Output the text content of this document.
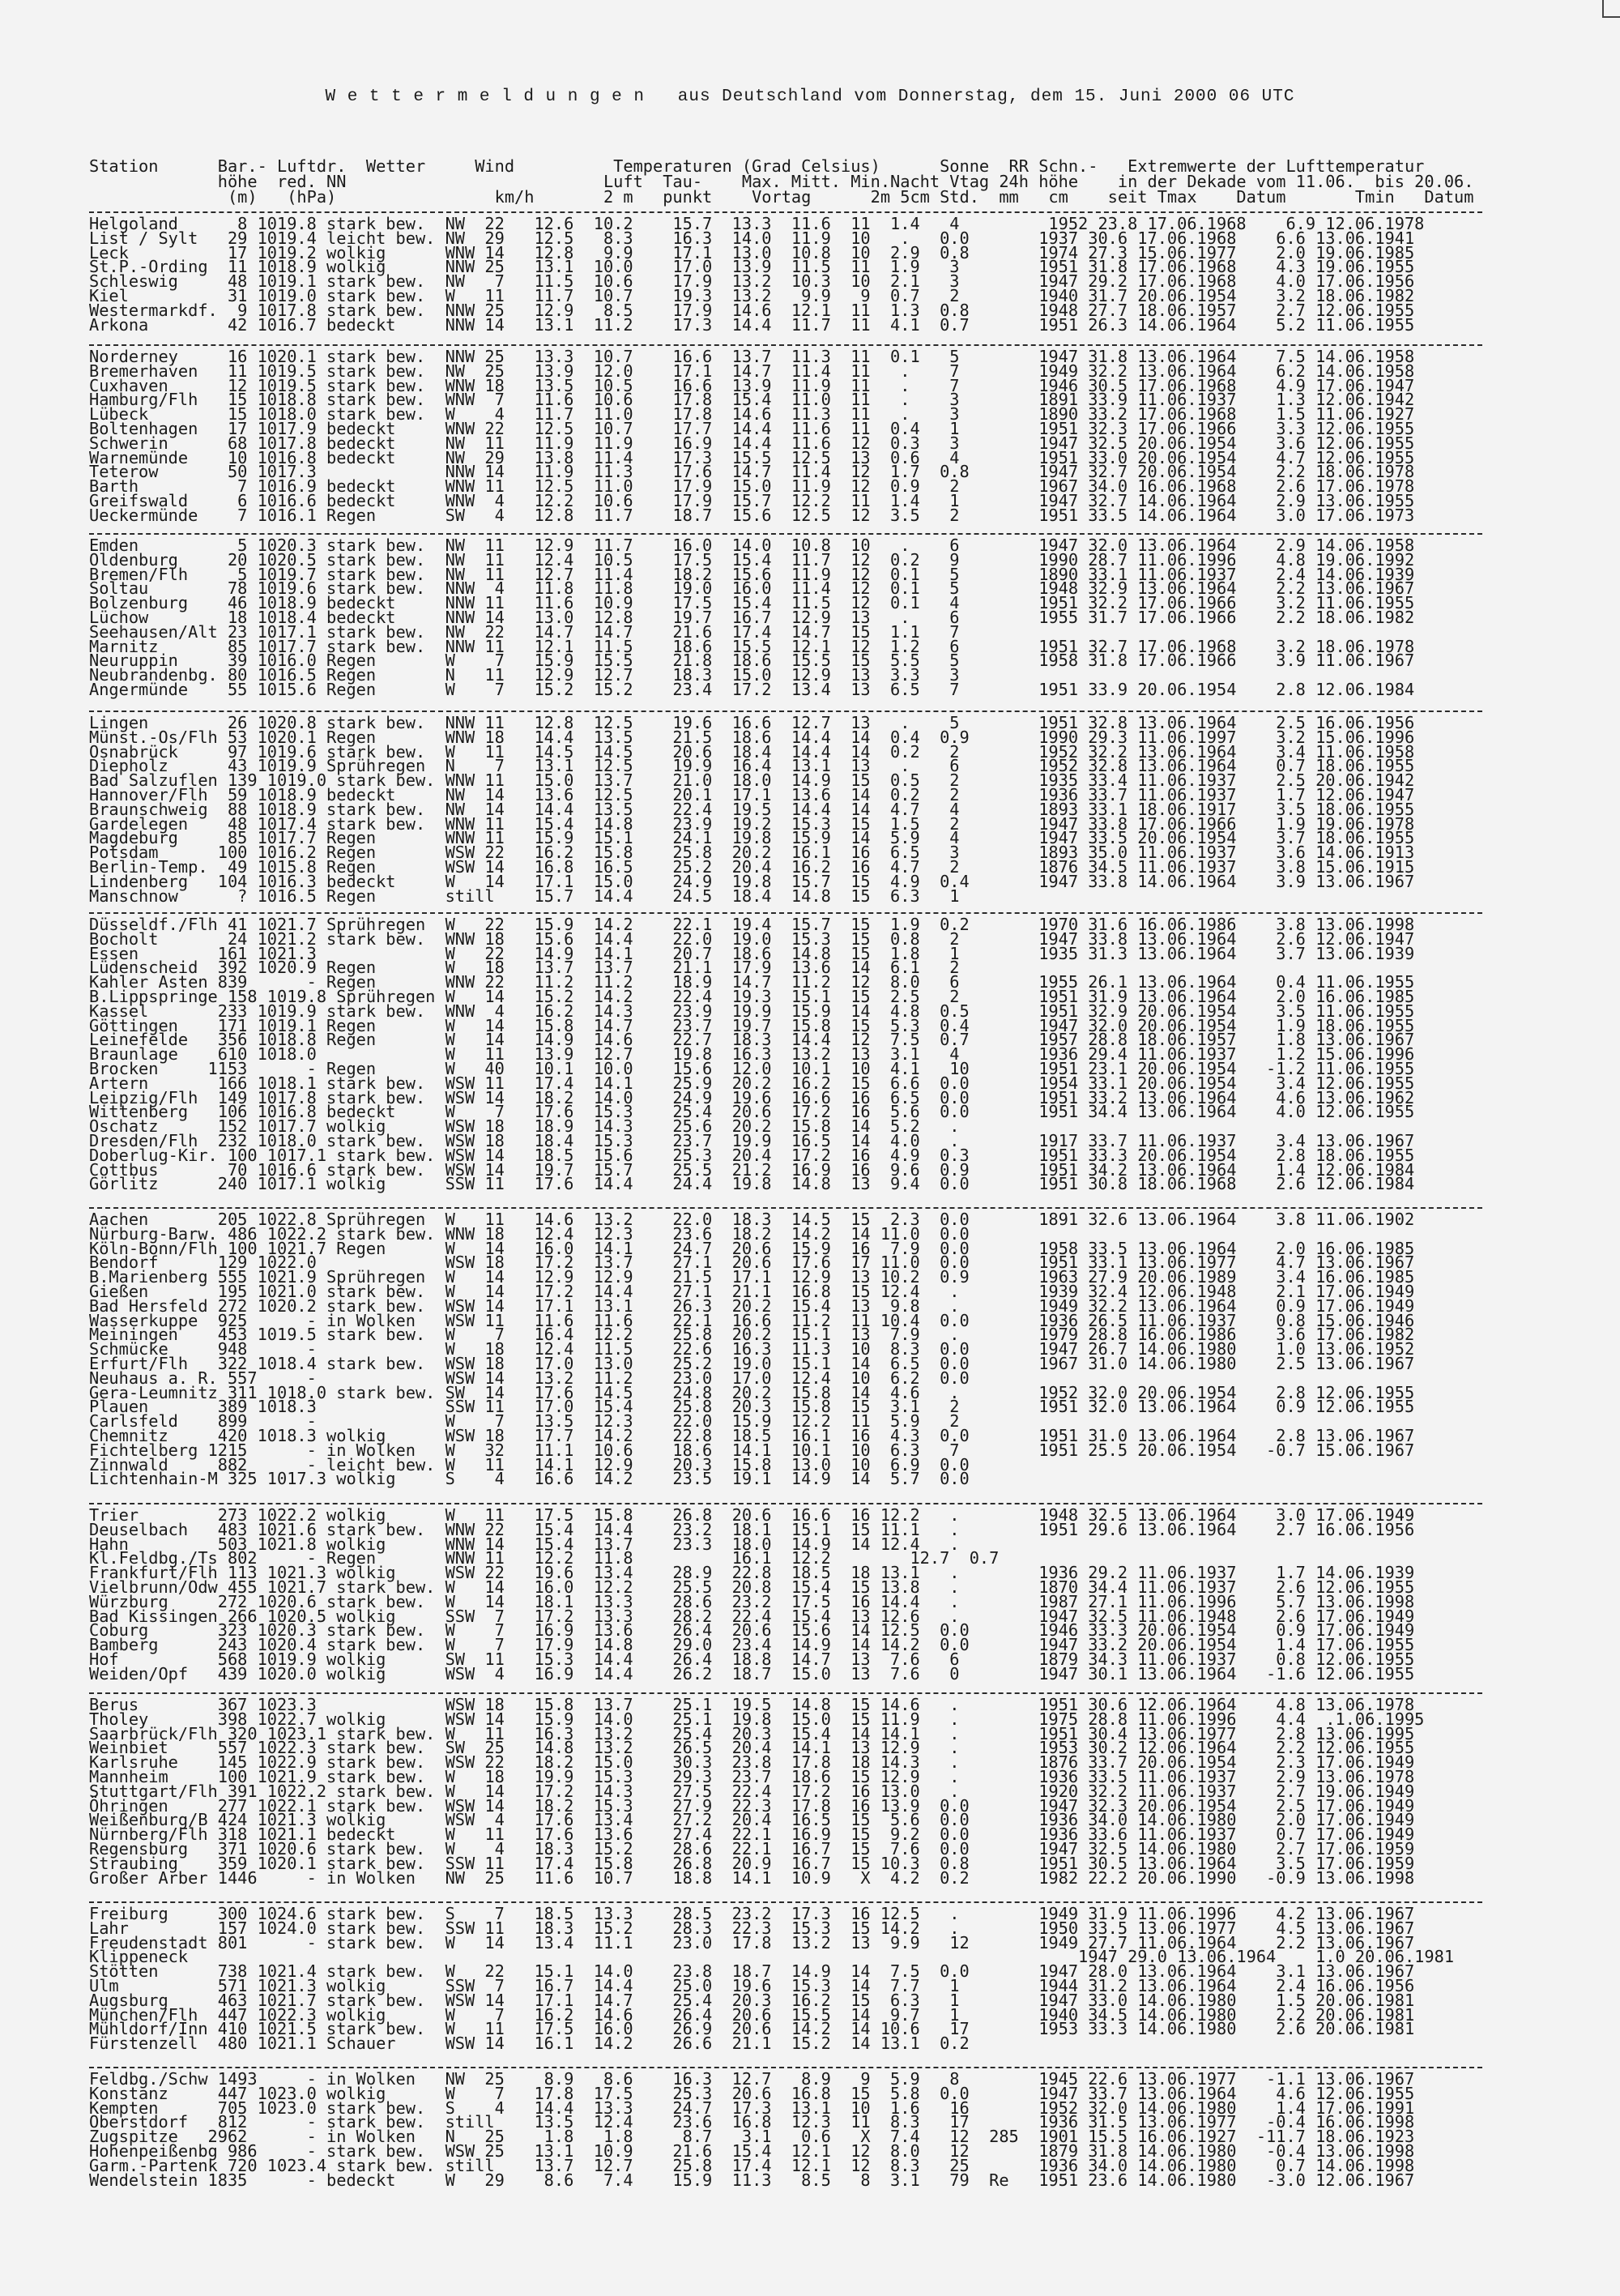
W e t t e r m e l d u n g e n   aus Deutschland vom Donnerstag, dem 15. Juni 2000 06 UTC
Station      Bar.- Luftdr.  Wetter     Wind          Temperaturen (Grad Celsius)      Sonne  RR Schn.-   Extremwerte der Lufttemperatur
höhe  red. NN                          Luft  Tau-    Max. Mitt. Min.Nacht Vtag 24h höhe    in der Dekade vom 11.06.  bis 20.06.
(m)   (hPa)                km/h       2 m   punkt    Vortag      2m 5cm Std.  mm   cm    seit Tmax    Datum       Tmin   Datum
Helgoland      8 1019.8 stark bew.  NW  22   12.6  10.2    15.7  13.3  11.6  11  1.4   4         1952 23.8 17.06.1968    6.9 12.06.1978
List / Sylt   29 1019.4 leicht bew. NW  29   12.5   8.3    16.3  14.0  11.9  10   .   0.0       1937 30.6 17.06.1968    6.6 13.06.1941
Leck          17 1019.2 wolkig      WNW 14   12.8   9.9    17.1  13.0  10.8  10  2.9  0.8       1974 27.3 15.06.1977    2.0 19.06.1985
St.P.-Ording  11 1018.9 wolkig      NNW 25   13.1  10.0    17.0  13.9  11.5  11  1.9   3        1951 31.8 17.06.1968    4.3 19.06.1955
Schleswig     48 1019.1 stark bew.  NW   7   11.5  10.6    17.9  13.2  10.3  10  2.1   3        1947 29.2 17.06.1968    4.0 17.06.1956
Kiel          31 1019.0 stark bew.  W   11   11.7  10.7    19.3  13.2   9.9   9  0.7   2        1940 31.7 20.06.1954    3.2 18.06.1982
Westermarkdf.  9 1017.8 stark bew.  NNW 25   12.9   8.5    17.9  14.6  12.1  11  1.3  0.8       1948 27.7 18.06.1957    2.7 12.06.1955
Arkona        42 1016.7 bedeckt     NNW 14   13.1  11.2    17.3  14.4  11.7  11  4.1  0.7       1951 26.3 14.06.1964    5.2 11.06.1955
Norderney     16 1020.1 stark bew.  NNW 25   13.3  10.7    16.6  13.7  11.3  11  0.1   5        1947 31.8 13.06.1964    7.5 14.06.1958
Bremerhaven   11 1019.5 stark bew.  NW  25   13.9  12.0    17.1  14.7  11.4  11   .    7        1949 32.2 13.06.1964    6.2 14.06.1958
Cuxhaven      12 1019.5 stark bew.  WNW 18   13.5  10.5    16.6  13.9  11.9  11   .    7        1946 30.5 17.06.1968    4.9 17.06.1947
Hamburg/Flh   15 1018.8 stark bew.  WNW  7   11.6  10.6    17.8  15.4  11.0  11   .    3        1891 33.9 11.06.1937    1.3 12.06.1942
Lübeck        15 1018.0 stark bew.  W    4   11.7  11.0    17.8  14.6  11.3  11   .    3        1890 33.2 17.06.1968    1.5 11.06.1927
Boltenhagen   17 1017.9 bedeckt     WNW 22   12.5  10.7    17.7  14.4  11.6  11  0.4   1        1951 32.3 17.06.1966    3.3 12.06.1955
Schwerin      68 1017.8 bedeckt     NW  11   11.9  11.9    16.9  14.4  11.6  12  0.3   3        1947 32.5 20.06.1954    3.6 12.06.1955
Warnemünde    10 1016.8 bedeckt     NW  29   13.8  11.4    17.3  15.5  12.5  13  0.6   4        1951 33.0 20.06.1954    4.7 12.06.1955
Teterow       50 1017.3             NNW 14   11.9  11.3    17.6  14.7  11.4  12  1.7  0.8       1947 32.7 20.06.1954    2.2 18.06.1978
Barth          7 1016.9 bedeckt     WNW 11   12.5  11.0    17.9  15.0  11.9  12  0.9   2        1967 34.0 16.06.1968    2.6 17.06.1978
Greifswald     6 1016.6 bedeckt     WNW  4   12.2  10.6    17.9  15.7  12.2  11  1.4   1        1947 32.7 14.06.1964    2.9 13.06.1955
Ueckermünde    7 1016.1 Regen       SW   4   12.8  11.7    18.7  15.6  12.5  12  3.5   2        1951 33.5 14.06.1964    3.0 17.06.1973
Emden          5 1020.3 stark bew.  NW  11   12.9  11.7    16.0  14.0  10.8  10   .    6        1947 32.0 13.06.1964    2.9 14.06.1958
Oldenburg     20 1020.5 stark bew.  NW  11   12.4  10.5    17.5  15.4  11.7  12  0.2   9        1990 28.7 11.06.1996    4.8 19.06.1992
Bremen/Flh     5 1019.7 stark bew.  NW  11   12.7  11.4    18.2  15.6  11.9  12  0.1   5        1890 33.1 11.06.1937    2.4 14.06.1939
Soltau        78 1019.6 stark bew.  NNW  4   11.8  11.8    19.0  16.0  11.4  12  0.1   5        1948 32.9 13.06.1964    2.2 13.06.1967
Bolzenburg    46 1018.9 bedeckt     NNW 11   11.6  10.9    17.5  15.4  11.5  12  0.1   4        1951 32.2 17.06.1966    3.2 11.06.1955
Lüchow        18 1018.4 bedeckt     NNW 14   13.0  12.8    19.7  16.7  12.9  13   .    6        1955 31.7 17.06.1966    2.2 18.06.1982
Seehausen/Alt 23 1017.1 stark bew.  NW  22   14.7  14.7    21.6  17.4  14.7  15  1.1   7
Marnitz       85 1017.7 stark bew.  NNW 11   12.1  11.5    18.6  15.5  12.1  12  1.2   6        1951 32.7 17.06.1968    3.2 18.06.1978
Neuruppin     39 1016.0 Regen       W    7   15.9  15.5    21.8  18.6  15.5  15  5.5   5        1958 31.8 17.06.1966    3.9 11.06.1967
Neubrandenbg. 80 1016.5 Regen       N   11   12.9  12.7    18.3  15.0  12.9  13  3.3   3
Angermünde    55 1015.6 Regen       W    7   15.2  15.2    23.4  17.2  13.4  13  6.5   7        1951 33.9 20.06.1954    2.8 12.06.1984
Lingen        26 1020.8 stark bew.  NNW 11   12.8  12.5    19.6  16.6  12.7  13   .    5        1951 32.8 13.06.1964    2.5 16.06.1956
Münst.-Os/Flh 53 1020.1 Regen       WNW 18   14.4  13.5    21.5  18.6  14.4  14  0.4  0.9       1990 29.3 11.06.1997    3.2 15.06.1996
Osnabrück     97 1019.6 stark bew.  W   11   14.5  14.5    20.6  18.4  14.4  14  0.2   2        1952 32.2 13.06.1964    3.4 11.06.1958
Diepholz      43 1019.9 Sprühregen  N    7   13.1  12.5    19.9  16.4  13.1  13   .    6        1952 32.8 13.06.1964    0.7 18.06.1955
Bad Salzuflen 139 1019.0 stark bew. WNW 11   15.0  13.7    21.0  18.0  14.9  15  0.5   2        1935 33.4 11.06.1937    2.5 20.06.1942
Hannover/Flh  59 1018.9 bedeckt     NW  14   13.6  12.5    20.1  17.1  13.6  14  0.2   2        1936 33.7 11.06.1937    1.7 12.06.1947
Braunschweig  88 1018.9 stark bew.  NW  14   14.4  13.5    22.4  19.5  14.4  14  4.7   4        1893 33.1 18.06.1917    3.5 18.06.1955
Gardelegen    48 1017.4 stark bew.  WNW 11   15.4  14.8    23.9  19.2  15.3  15  1.5   2        1947 33.8 17.06.1966    1.9 19.06.1978
Magdeburg     85 1017.7 Regen       WNW 11   15.9  15.1    24.1  19.8  15.9  14  5.9   4        1947 33.5 20.06.1954    3.7 18.06.1955
Potsdam      100 1016.2 Regen       WSW 22   16.2  15.8    25.8  20.2  16.1  16  6.5   3        1893 35.0 11.06.1937    3.6 14.06.1913
Berlin-Temp.  49 1015.8 Regen       WSW 14   16.8  16.5    25.2  20.4  16.2  16  4.7   2        1876 34.5 11.06.1937    3.8 15.06.1915
Lindenberg   104 1016.3 bedeckt     W   14   17.1  15.0    24.9  19.8  15.7  15  4.9  0.4       1947 33.8 14.06.1964    3.9 13.06.1967
Manschnow      ? 1016.5 Regen       still    15.7  14.4    24.5  18.4  14.8  15  6.3   1
Düsseldf./Flh 41 1021.7 Sprühregen  W   22   15.9  14.2    22.1  19.4  15.7  15  1.9  0.2       1970 31.6 16.06.1986    3.8 13.06.1998
Bocholt       24 1021.2 stark bew.  WNW 18   15.6  14.4    22.0  19.0  15.3  15  0.8   2        1947 33.8 13.06.1964    2.6 12.06.1947
Essen        161 1021.3             W   22   14.9  14.1    20.7  18.6  14.8  15  1.8   1        1935 31.3 13.06.1964    3.7 13.06.1939
Lüdenscheid  392 1020.9 Regen       W   18   13.7  13.7    21.1  17.9  13.6  14  6.1   2
Kahler Asten 839      - Regen       WNW 22   11.2  11.2    18.9  14.7  11.2  12  8.0   6        1955 26.1 13.06.1964    0.4 11.06.1955
B.Lippspringe 158 1019.8 Sprühregen W   14   15.2  14.2    22.4  19.3  15.1  15  2.5   2        1951 31.9 13.06.1964    2.0 16.06.1985
Kassel       233 1019.9 stark bew.  WNW  4   16.2  14.3    23.9  19.9  15.9  14  4.8  0.5       1951 32.9 20.06.1954    3.5 11.06.1955
Göttingen    171 1019.1 Regen       W   14   15.8  14.7    23.7  19.7  15.8  15  5.3  0.4       1947 32.0 20.06.1954    1.9 18.06.1955
Leinefelde   356 1018.8 Regen       W   14   14.9  14.6    22.7  18.3  14.4  12  7.5  0.7       1957 28.8 18.06.1957    1.8 13.06.1967
Braunlage    610 1018.0             W   11   13.9  12.7    19.8  16.3  13.2  13  3.1   4        1936 29.4 11.06.1937    1.2 15.06.1996
Brocken     1153      - Regen       W   40   10.1  10.0    15.6  12.0  10.1  10  4.1   10       1951 23.1 20.06.1954   -1.2 11.06.1955
Artern       166 1018.1 stark bew.  WSW 11   17.4  14.1    25.9  20.2  16.2  15  6.6  0.0       1954 33.1 20.06.1954    3.4 12.06.1955
Leipzig/Flh  149 1017.8 stark bew.  WSW 14   18.2  14.0    24.9  19.6  16.6  16  6.5  0.0       1951 33.2 13.06.1964    4.6 13.06.1962
Wittenberg   106 1016.8 bedeckt     W    7   17.6  15.3    25.4  20.6  17.2  16  5.6  0.0       1951 34.4 13.06.1964    4.0 12.06.1955
Oschatz      152 1017.7 wolkig      WSW 18   18.9  14.3    25.6  20.2  15.8  14  5.2   .
Dresden/Flh  232 1018.0 stark bew.  WSW 18   18.4  15.3    23.7  19.9  16.5  14  4.0   .        1917 33.7 11.06.1937    3.4 13.06.1967
Doberlug-Kir. 100 1017.1 stark bew. WSW 14   18.5  15.6    25.3  20.4  17.2  16  4.9  0.3       1951 33.3 20.06.1954    2.8 18.06.1955
Cottbus       70 1016.6 stark bew.  WSW 14   19.7  15.7    25.5  21.2  16.9  16  9.6  0.9       1951 34.2 13.06.1964    1.4 12.06.1984
Görlitz      240 1017.1 wolkig      SSW 11   17.6  14.4    24.4  19.8  14.8  13  9.4  0.0       1951 30.8 18.06.1968    2.6 12.06.1984
Aachen       205 1022.8 Sprühregen  W   11   14.6  13.2    22.0  18.3  14.5  15  2.3  0.0       1891 32.6 13.06.1964    3.8 11.06.1902
Nürburg-Barw. 486 1022.2 stark bew. WNW 18   12.4  12.3    23.6  18.2  14.2  14 11.0  0.0
Köln-Bonn/Flh 100 1021.7 Regen      W   14   16.0  14.1    24.7  20.6  15.9  16  7.9  0.0       1958 33.5 13.06.1964    2.0 16.06.1985
Bendorf      129 1022.0             WSW 18   17.2  13.7    27.1  20.6  17.6  17 11.0  0.0       1951 33.1 13.06.1977    4.7 13.06.1967
B.Marienberg 555 1021.9 Sprühregen  W   14   12.9  12.9    21.5  17.1  12.9  13 10.2  0.9       1963 27.9 20.06.1989    3.4 16.06.1985
Gießen       195 1021.0 stark bew.  W   14   17.2  14.4    27.1  21.1  16.8  15 12.4   .        1939 32.4 12.06.1948    2.1 17.06.1949
Bad Hersfeld 272 1020.2 stark bew.  WSW 14   17.1  13.1    26.3  20.2  15.4  13  9.8   .        1949 32.2 13.06.1964    0.9 17.06.1949
Wasserkuppe  925      - in Wolken   WSW 11   11.6  11.6    22.1  16.6  11.2  11 10.4  0.0       1936 26.5 11.06.1937    0.8 15.06.1946
Meiningen    453 1019.5 stark bew.  W    7   16.4  12.2    25.8  20.2  15.1  13  7.9   .        1979 28.8 16.06.1986    3.6 17.06.1982
Schmücke     948      -             W   18   12.4  11.5    22.6  16.3  11.3  10  8.3  0.0       1947 26.7 14.06.1980    1.0 13.06.1952
Erfurt/Flh   322 1018.4 stark bew.  WSW 18   17.0  13.0    25.2  19.0  15.1  14  6.5  0.0       1967 31.0 14.06.1980    2.5 13.06.1967
Neuhaus a. R. 557     -             WSW 14   13.2  11.2    23.0  17.0  12.4  10  6.2  0.0
Gera-Leumnitz 311 1018.0 stark bew. SW  14   17.6  14.5    24.8  20.2  15.8  14  4.6   .        1952 32.0 20.06.1954    2.8 12.06.1955
Plauen       389 1018.3             SSW 11   17.0  15.4    25.8  20.3  15.8  15  3.1   2        1951 32.0 13.06.1964    0.9 12.06.1955
Carlsfeld    899      -             W    7   13.5  12.3    22.0  15.9  12.2  11  5.9   2
Chemnitz     420 1018.3 wolkig      WSW 18   17.7  14.2    22.8  18.5  16.1  16  4.3  0.0       1951 31.0 13.06.1964    2.8 13.06.1967
Fichtelberg 1215      - in Wolken   W   32   11.1  10.6    18.6  14.1  10.1  10  6.3   7        1951 25.5 20.06.1954   -0.7 15.06.1967
Zinnwald     882      - leicht bew. W   11   14.1  12.9    20.3  15.8  13.0  10  6.9  0.0
Lichtenhain-M 325 1017.3 wolkig     S    4   16.6  14.2    23.5  19.1  14.9  14  5.7  0.0
Trier        273 1022.2 wolkig      W   11   17.5  15.8    26.8  20.6  16.6  16 12.2   .        1948 32.5 13.06.1964    3.0 17.06.1949
Deuselbach   483 1021.6 stark bew.  WNW 22   15.4  14.4    23.2  18.1  15.1  15 11.1   .        1951 29.6 13.06.1964    2.7 16.06.1956
Hahn         503 1021.8 wolkig      WNW 14   15.4  13.7    23.3  18.0  14.9  14 12.4   .
Kl.Feldbg./Ts 802     - Regen       WNW 11   12.2  11.8          16.1  12.2        12.7  0.7
Frankfurt/Flh 113 1021.3 wolkig     WSW 22   19.6  13.4    28.9  22.8  18.5  18 13.1   .        1936 29.2 11.06.1937    1.7 14.06.1939
Vielbrunn/Odw 455 1021.7 stark bew. W   14   16.0  12.2    25.5  20.8  15.4  15 13.8   .        1870 34.4 11.06.1937    2.6 12.06.1955
Würzburg     272 1020.6 stark bew.  W   14   18.1  13.3    28.6  23.2  17.5  16 14.4   .        1987 27.1 11.06.1996    5.7 13.06.1998
Bad Kissingen 266 1020.5 wolkig     SSW  7   17.2  13.3    28.2  22.4  15.4  13 12.6   .        1947 32.5 11.06.1948    2.6 17.06.1949
Coburg       323 1020.3 stark bew.  W    7   16.9  13.6    26.4  20.6  15.6  14 12.5  0.0       1946 33.3 20.06.1954    0.9 17.06.1949
Bamberg      243 1020.4 stark bew.  W    7   17.9  14.8    29.0  23.4  14.9  14 14.2  0.0       1947 33.2 20.06.1954    1.4 17.06.1955
Hof          568 1019.9 wolkig      SW  11   15.3  14.4    26.4  18.8  14.7  13  7.6   6        1879 34.3 11.06.1937    0.8 12.06.1955
Weiden/Opf   439 1020.0 wolkig      WSW  4   16.9  14.4    26.2  18.7  15.0  13  7.6   0        1947 30.1 13.06.1964   -1.6 12.06.1955
Berus        367 1023.3             WSW 18   15.8  13.7    25.1  19.5  14.8  15 14.6   .        1951 30.6 12.06.1964    4.8 13.06.1978
Tholey       398 1022.7 wolkig      WSW 14   15.9  14.0    25.1  19.8  15.0  15 11.9   .        1975 28.8 11.06.1996    4.4  .1.06.1995
Saarbrück/Flh 320 1023.1 stark bew. W   11   16.3  13.2    25.4  20.3  15.4  14 14.1   .        1951 30.4 13.06.1977    2.8 13.06.1995
Weinbiet     557 1022.3 stark bew.  SW  25   14.8  13.2    26.5  20.4  14.1  13 12.9   .        1953 30.2 12.06.1964    2.2 12.06.1955
Karlsruhe    145 1022.9 stark bew.  WSW 22   18.2  15.0    30.3  23.8  17.8  18 14.3   .        1876 33.7 20.06.1954    2.3 17.06.1949
Mannheim     100 1021.9 stark bew.  W   18   19.9  15.3    29.3  23.7  18.6  15 12.9   .        1936 33.5 11.06.1937    2.9 13.06.1978
Stuttgart/Flh 391 1022.2 stark bew. W   14   17.2  14.3    27.5  22.4  17.2  16 13.0   .        1920 32.2 11.06.1937    2.7 19.06.1949
Öhringen     277 1022.1 stark bew.  WSW 14   18.2  15.3    27.9  22.3  17.8  16 13.9  0.0       1947 32.3 20.06.1954    2.5 17.06.1949
Weißenburg/B 424 1021.3 wolkig      WSW  4   17.6  13.4    27.2  20.4  16.5  15  5.6  0.0       1936 34.0 14.06.1980    2.0 17.06.1949
Nürnberg/Flh 318 1021.1 bedeckt     W   11   17.6  13.6    27.4  22.1  16.9  15  9.2  0.0       1936 33.6 11.06.1937    0.7 17.06.1949
Regensburg   371 1020.6 stark bew.  W    4   18.3  15.2    28.6  22.1  16.7  15  7.6  0.0       1947 32.5 14.06.1980    2.7 17.06.1959
Straubing    359 1020.1 stark bew.  SSW 11   17.4  15.8    26.8  20.9  16.7  15 10.3  0.8       1951 30.5 13.06.1964    3.5 17.06.1959
Großer Arber 1446     - in Wolken   NW  25   11.6  10.7    18.8  14.1  10.9   X  4.2  0.2       1982 22.2 20.06.1990   -0.9 13.06.1998
Freiburg     300 1024.6 stark bew.  S    7   18.5  13.3    28.5  23.2  17.3  16 12.5   .        1949 31.9 11.06.1996    4.2 13.06.1967
Lahr         157 1024.0 stark bew.  SSW 11   18.3  15.2    28.3  22.3  15.3  15 14.2   .        1950 33.5 13.06.1977    4.5 13.06.1967
Freudenstadt 801      - stark bew.  W   14   13.4  11.1    23.0  17.8  13.2  13  9.9   12       1949 27.7 11.06.1964    2.2 13.06.1967
Klippeneck                                                                                          1947 29.0 13.06.1964    1.0 20.06.1981
Stötten      738 1021.4 stark bew.  W   22   15.1  14.0    23.8  18.7  14.9  14  7.5  0.0       1947 28.0 13.06.1964    3.1 13.06.1967
Ulm          571 1021.3 wolkig      SSW  7   16.7  14.4    25.0  19.6  15.3  14  7.7   1        1944 31.2 13.06.1964    2.4 16.06.1956
Augsburg     463 1021.7 stark bew.  WSW 14   17.1  14.7    25.4  20.3  16.2  15  6.3   1        1947 33.0 14.06.1980    1.5 20.06.1981
München/Flh  447 1022.3 wolkig      W    7   16.2  14.6    26.4  20.6  15.5  14  9.7   1        1940 34.5 14.06.1980    2.2 20.06.1981
Mühldorf/Inn 410 1021.5 stark bew.  W   11   17.5  16.0    26.9  20.6  14.2  14 10.6   17       1953 33.3 14.06.1980    2.6 20.06.1981
Fürstenzell  480 1021.1 Schauer     WSW 14   16.1  14.2    26.6  21.1  15.2  14 13.1  0.2
Feldbg./Schw 1493     - in Wolken   NW  25    8.9   8.6    16.3  12.7   8.9   9  5.9   8        1945 22.6 13.06.1977   -1.1 13.06.1967
Konstanz     447 1023.0 wolkig      W    7   17.8  17.5    25.3  20.6  16.8  15  5.8  0.0       1947 33.7 13.06.1964    4.6 12.06.1955
Kempten      705 1023.0 stark bew.  S    4   14.4  13.3    24.7  17.3  13.1  10  1.6   16       1952 32.0 14.06.1980    1.4 17.06.1991
Oberstdorf   812      - stark bew.  still    13.5  12.4    23.6  16.8  12.3  11  8.3   17       1936 31.5 13.06.1977   -0.4 16.06.1998
Zugspitze   2962      - in Wolken   N   25    1.8   1.8     8.7   3.1   0.6   X  7.4   12  285  1901 15.5 16.06.1927  -11.7 18.06.1923
Hohenpeißenbg 986     - stark bew.  WSW 25   13.1  10.9    21.6  15.4  12.1  12  8.0   12       1879 31.8 14.06.1980   -0.4 13.06.1998
Garm.-Partenk 720 1023.4 stark bew. still    13.7  12.7    25.8  17.4  12.1  12  8.3   25       1936 34.0 14.06.1980    0.7 14.06.1998
Wendelstein 1835      - bedeckt     W   29    8.6   7.4    15.9  11.3   8.5   8  3.1   79  Re   1951 23.6 14.06.1980   -3.0 12.06.1967
